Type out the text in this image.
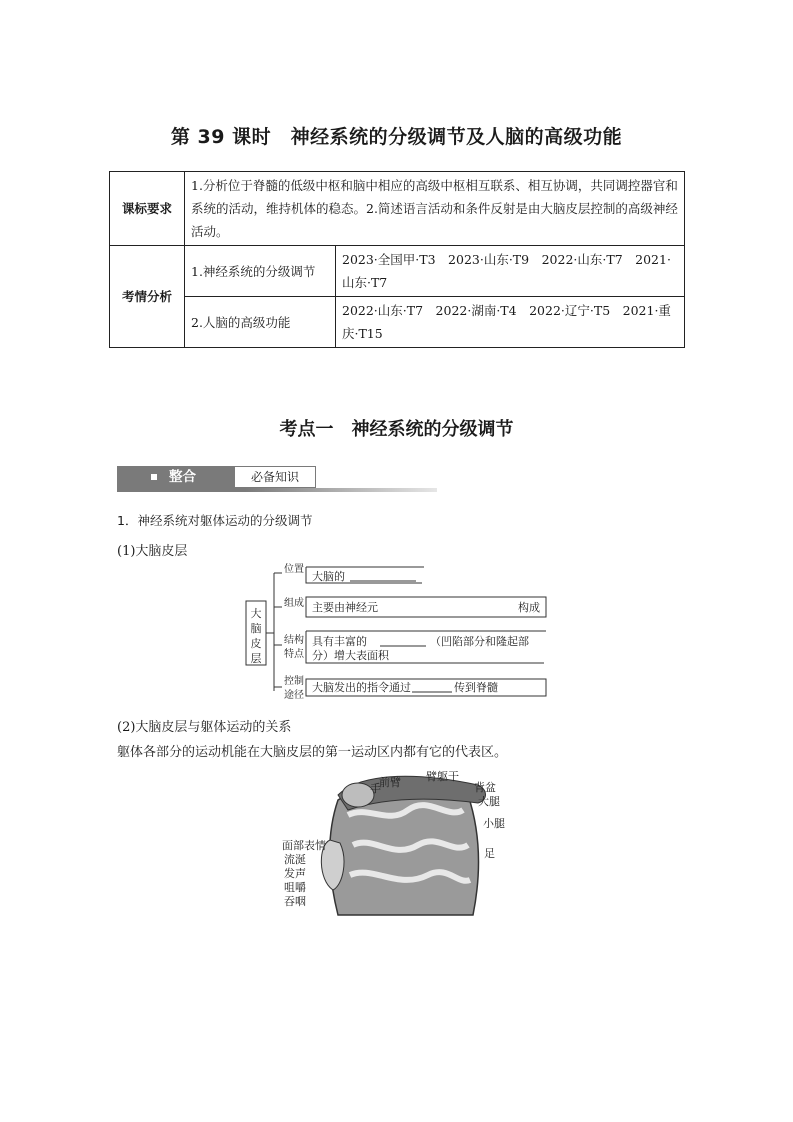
第 39 课时　神经系统的分级调节及人脑的高级功能
课标要求	1.分析位于脊髓的低级中枢和脑中相应的高级中枢相互联系、相互协调，共同调控器官和系统的活动，维持机体的稳态。2.简述语言活动和条件反射是由大脑皮层控制的高级神经活动。	
考情分析	1.神经系统的分级调节	2023·全国甲·T3　2023·山东·T9　2022·山东·T7　2021·山东·T7
	2.人脑的高级功能	2022·山东·T7　2022·湖南·T4　2022·辽宁·T5　2021·重庆·T15
考点一　神经系统的分级调节
整合	必备知识
1．神经系统对躯体运动的分级调节
(1)大脑皮层
大
脑
皮
层
位置
组成
结构
特点
控制
途径
大脑的
主要由神经元	构成
具有丰富的	（凹陷部分和隆起部
分）增大表面积
大脑发出的指令通过	传到脊髓
(2)大脑皮层与躯体运动的关系
躯体各部分的运动机能在大脑皮层的第一运动区内都有它的代表区。
手
前臂 臂躯干
背盆
大腿
小腿
足
面部表情
流涎
发声
咀嚼
吞咽
